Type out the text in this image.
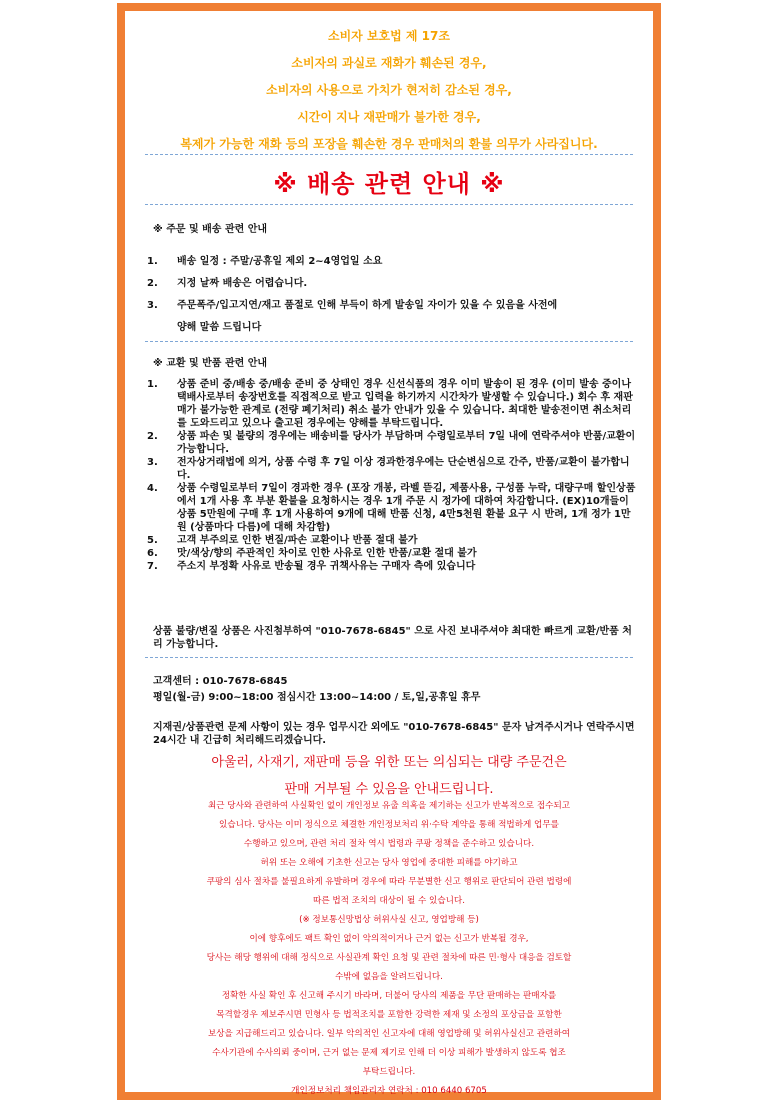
소비자 보호법 제 17조
소비자의 과실로 재화가 훼손된 경우,
소비자의 사용으로 가치가 현저히 감소된 경우,
시간이 지나 재판매가 불가한 경우,
복제가 가능한 재화 등의 포장을 훼손한 경우 판매처의 환불 의무가 사라집니다.
※ 배송 관련 안내 ※
※ 주문 및 배송 관련 안내
1.	배송 일정 : 주말/공휴일 제외 2~4영업일 소요
2.	지정 날짜 배송은 어렵습니다.
3.	주문폭주/입고지연/재고 품절로 인해 부득이 하게 발송일 자이가 있을 수 있음을 사전에
양해 말씀 드립니다
※ 교환 및 반품 관련 안내
1.	상품 준비 중/배송 중/배송 준비 중 상태인 경우 신선식품의 경우 이미 발송이 된 경우 (이미 발송 중이나 택배사로부터 송장번호를 직접적으로 받고 입력을 하기까지 시간차가 발생할 수 있습니다.) 회수 후 재판매가 불가능한 관계로 (전량 폐기처리) 취소 불가 안내가 있을 수 있습니다. 최대한 발송전이면 취소처리를 도와드리고 있으나 출고된 경우에는 양해를 부탁드립니다.
2.	상품 파손 및 불량의 경우에는 배송비를 당사가 부담하며 수령일로부터 7일 내에 연락주셔야 반품/교환이 가능합니다.
3.	전자상거래법에 의거, 상품 수령 후 7일 이상 경과한경우에는 단순변심으로 간주, 반품/교환이 불가합니다.
4.	상품 수령일로부터 7일이 경과한 경우 (포장 개봉, 라벨 뜯김, 제품사용, 구성품 누락, 대량구매 할인상품에서 1개 사용 후 부분 환불을 요청하시는 경우 1개 주문 시 정가에 대하여 차감합니다. (EX)10개들이 상품 5만원에 구매 후 1개 사용하여 9개에 대해 반품 신청, 4만5천원 환불 요구 시 반려, 1개 정가 1만원 (상품마다 다름)에 대해 차감함)
5.	고객 부주의로 인한 변질/파손 교환이나 반품 절대 불가
6.	맛/색상/향의 주관적인 차이로 인한 사유로 인한 반품/교환 절대 불가
7.	주소지 부정확 사유로 반송될 경우 귀책사유는 구매자 측에 있습니다
상품 불량/변질 상품은 사진첨부하여 "010-7678-6845" 으로 사진 보내주셔야 최대한 빠르게 교환/반품 처리 가능합니다.
고객센터 : 010-7678-6845
평일(월-금) 9:00~18:00 점심시간 13:00~14:00 / 토,일,공휴일 휴무
지재권/상품관련 문제 사항이 있는 경우 업무시간 외에도 "010-7678-6845" 문자 남겨주시거나 연락주시면 24시간 내 긴급히 처리해드리겠습니다.
아울러, 사재기, 재판매 등을 위한 또는 의심되는 대량 주문건은
판매 거부될 수 있음을 안내드립니다.
최근 당사와 관련하여 사실확인 없이 개인정보 유출 의혹을 제기하는 신고가 반복적으로 접수되고
있습니다. 당사는 이미 정식으로 체결한 개인정보처리 위·수탁 계약을 통해 적법하게 업무를
수행하고 있으며, 관련 처리 절차 역시 법령과 쿠팡 정책을 준수하고 있습니다.
허위 또는 오해에 기초한 신고는 당사 영업에 중대한 피해를 야기하고
쿠팡의 심사 절차를 불필요하게 유발하며 경우에 따라 무분별한 신고 행위로 판단되어 관련 법령에
따른 법적 조치의 대상이 될 수 있습니다.
(※ 정보통신망법상 허위사실 신고, 영업방해 등)
이에 향후에도 팩트 확인 없이 악의적이거나 근거 없는 신고가 반복될 경우,
당사는 해당 행위에 대해 정식으로 사실관계 확인 요청 및 관련 절차에 따른 민·형사 대응을 검토할
수밖에 없음을 알려드립니다.
정확한 사실 확인 후 신고해 주시기 바라며, 더불어 당사의 제품을 무단 판매하는 판매자를
목격할경우 제보주시면 민형사 등 법적조치를 포함한 강력한 제재 및 소정의 포상금을 포함한
보상을 지급해드리고 있습니다. 일부 악의적인 신고자에 대해 영업방해 및 허위사실신고 관련하여
수사기관에 수사의뢰 중이며, 근거 없는 문제 제기로 인해 더 이상 피해가 발생하지 않도록 협조
부탁드립니다.
개인정보처리 책임관리자 연락처 : 010 6440 6705
